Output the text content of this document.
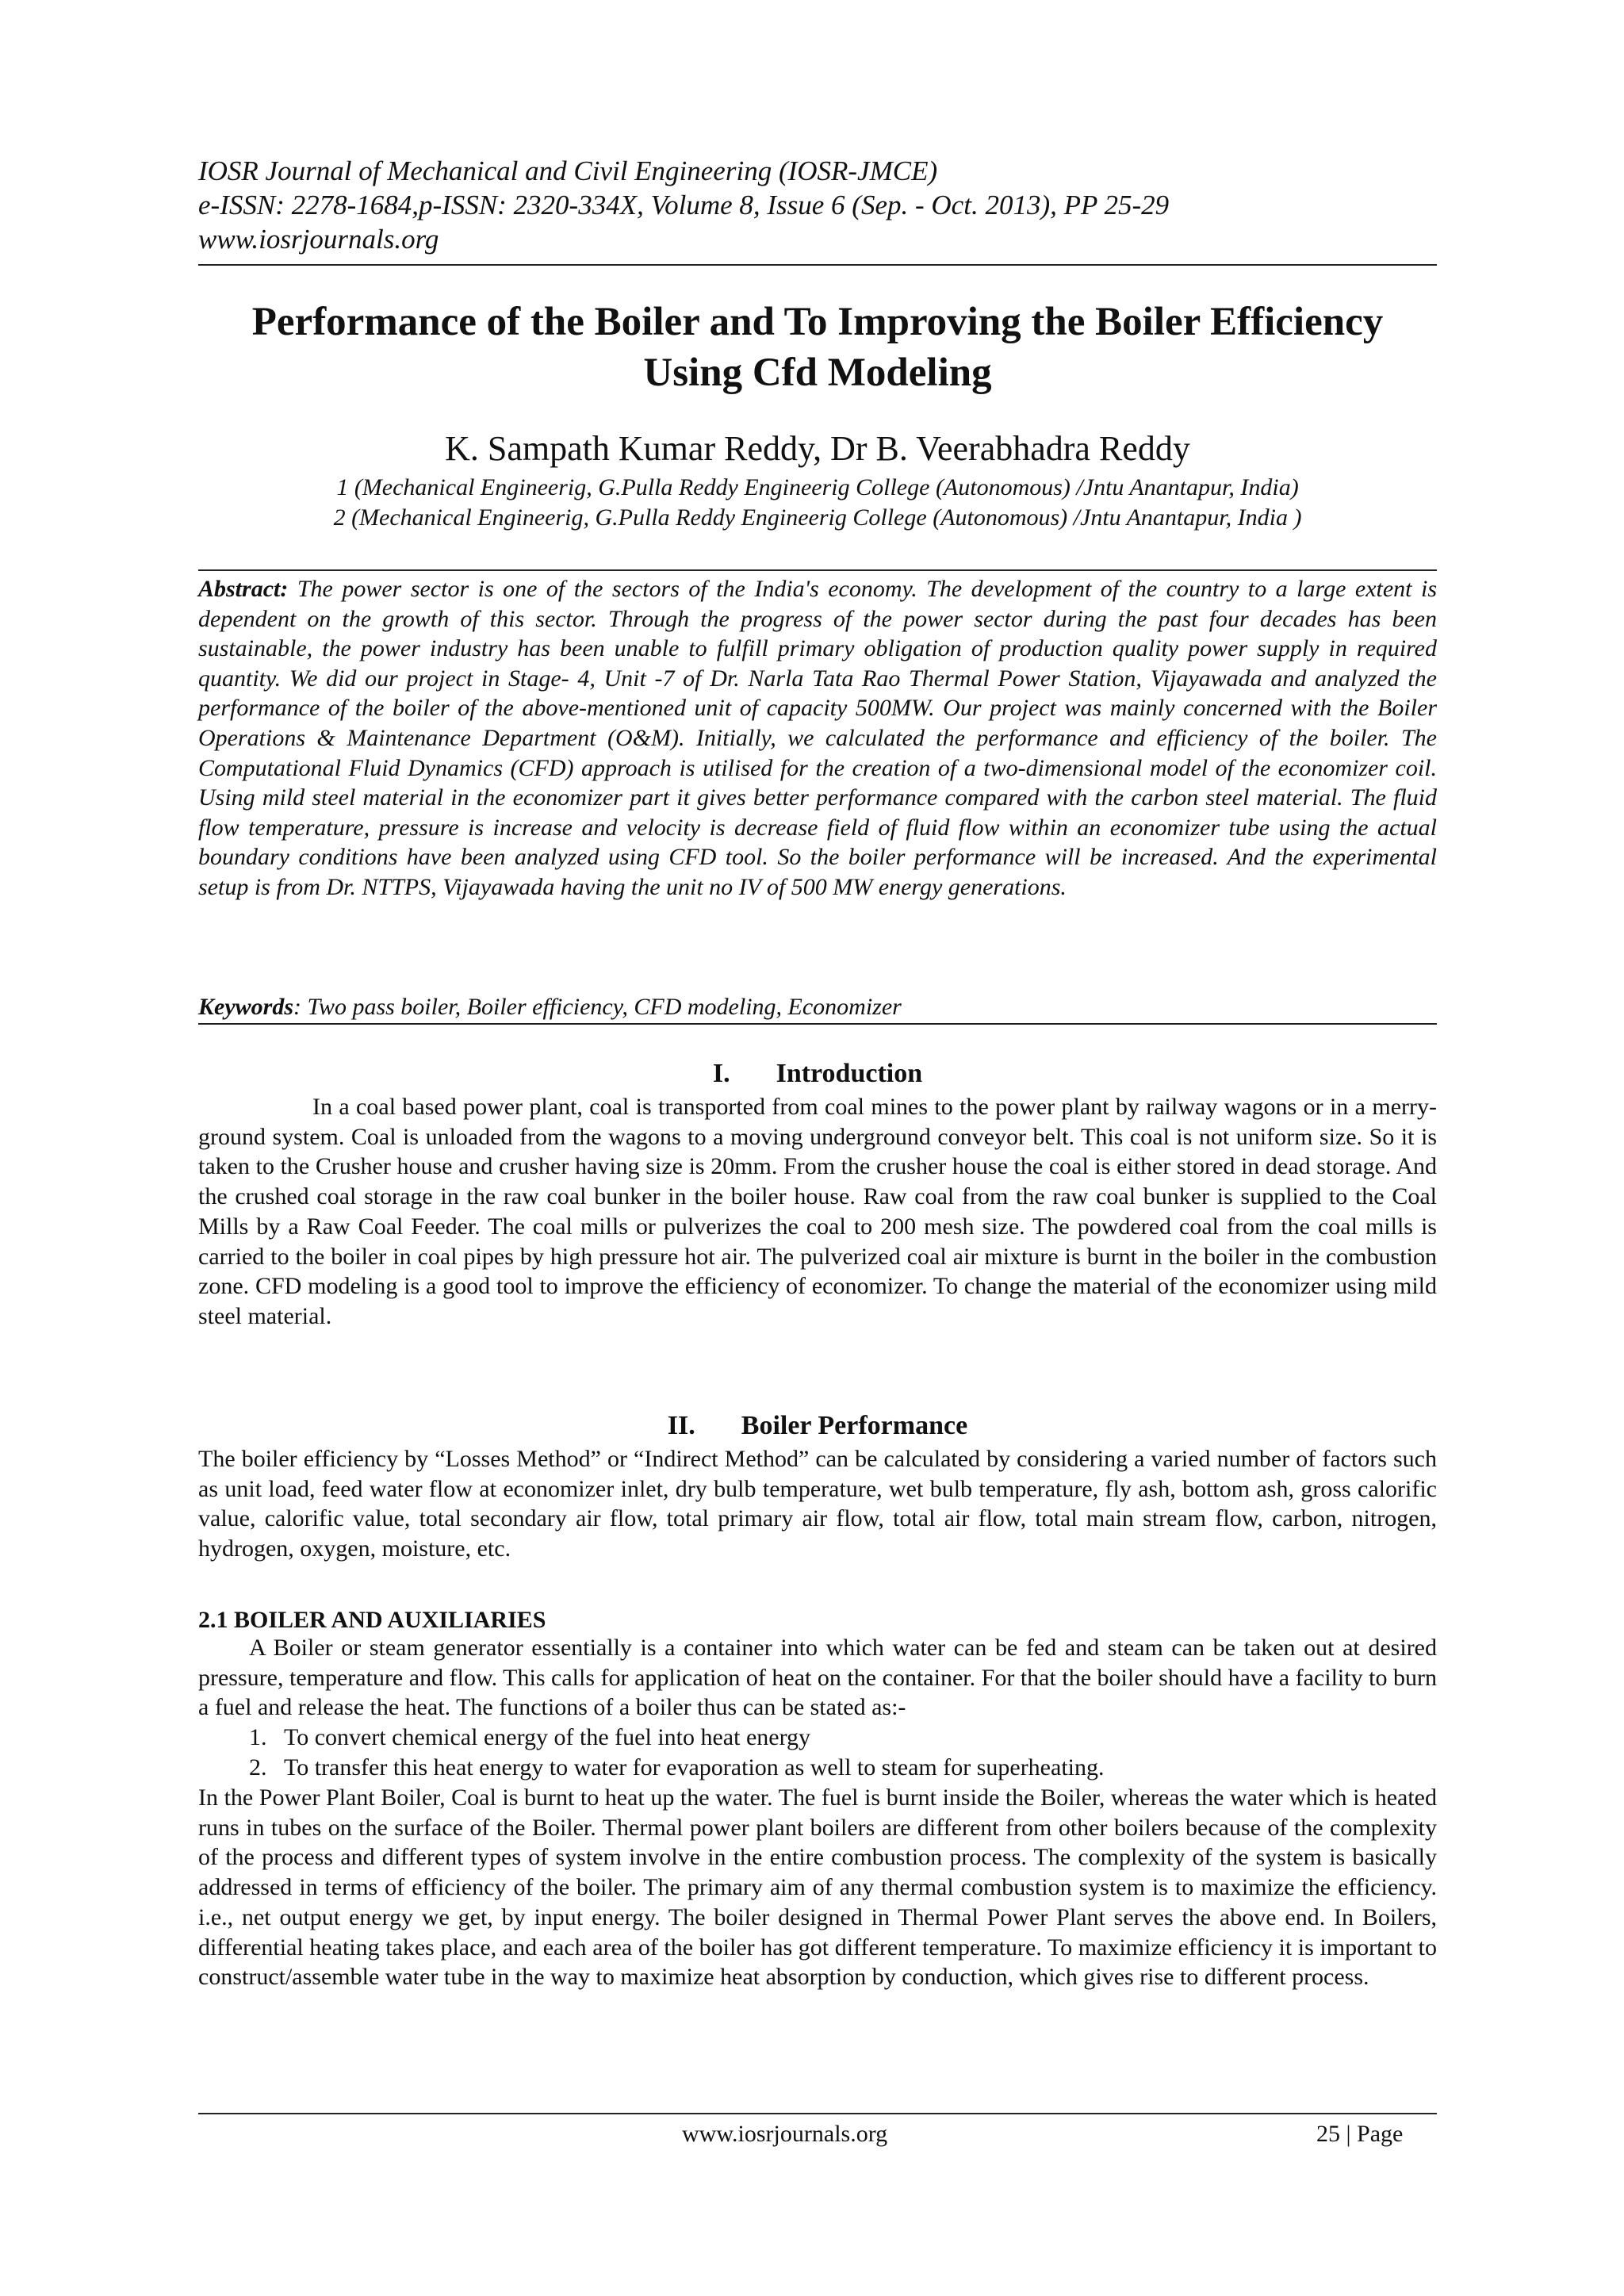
IOSR Journal of Mechanical and Civil Engineering (IOSR-JMCE)
e-ISSN: 2278-1684,p-ISSN: 2320-334X, Volume 8, Issue 6 (Sep. - Oct. 2013), PP 25-29
www.iosrjournals.org
Performance of the Boiler and To Improving the Boiler Efficiency
Using Cfd Modeling
K. Sampath Kumar Reddy, Dr B. Veerabhadra Reddy
1 (Mechanical Engineerig, G.Pulla Reddy Engineerig College (Autonomous) /Jntu Anantapur, India)
2 (Mechanical Engineerig, G.Pulla Reddy Engineerig College (Autonomous) /Jntu Anantapur, India )
Abstract: The power sector is one of the sectors of the India's economy. The development of the country to a large extent is dependent on the growth of this sector. Through the progress of the power sector during the past four decades has been sustainable, the power industry has been unable to fulfill primary obligation of production quality power supply in required quantity. We did our project in Stage- 4, Unit -7 of Dr. Narla Tata Rao Thermal Power Station, Vijayawada and analyzed the performance of the boiler of the above-mentioned unit of capacity 500MW. Our project was mainly concerned with the Boiler Operations & Maintenance Department (O&M). Initially, we calculated the performance and efficiency of the boiler. The Computational Fluid Dynamics (CFD) approach is utilised for the creation of a two-dimensional model of the economizer coil. Using mild steel material in the economizer part it gives better performance compared with the carbon steel material. The fluid flow temperature, pressure is increase and velocity is decrease field of fluid flow within an economizer tube using the actual boundary conditions have been analyzed using CFD tool. So the boiler performance will be increased. And the experimental setup is from Dr. NTTPS, Vijayawada having the unit no IV of 500 MW energy generations.
Keywords: Two pass boiler, Boiler efficiency, CFD modeling, Economizer
I. Introduction

In a coal based power plant, coal is transported from coal mines to the power plant by railway wagons or in a merry-ground system. Coal is unloaded from the wagons to a moving underground conveyor belt. This coal is not uniform size. So it is taken to the Crusher house and crusher having size is 20mm. From the crusher house the coal is either stored in dead storage. And the crushed coal storage in the raw coal bunker in the boiler house. Raw coal from the raw coal bunker is supplied to the Coal Mills by a Raw Coal Feeder. The coal mills or pulverizes the coal to 200 mesh size. The powdered coal from the coal mills is carried to the boiler in coal pipes by high pressure hot air. The pulverized coal air mixture is burnt in the boiler in the combustion zone. CFD modeling is a good tool to improve the efficiency of economizer. To change the material of the economizer using mild steel material.

II. Boiler Performance

The boiler efficiency by “Losses Method” or “Indirect Method” can be calculated by considering a varied number of factors such as unit load, feed water flow at economizer inlet, dry bulb temperature, wet bulb temperature, fly ash, bottom ash, gross calorific value, calorific value, total secondary air flow, total primary air flow, total air flow, total main stream flow, carbon, nitrogen, hydrogen, oxygen, moisture, etc.

2.1 BOILER AND AUXILIARIES

A Boiler or steam generator essentially is a container into which water can be fed and steam can be taken out at desired pressure, temperature and flow. This calls for application of heat on the container. For that the boiler should have a facility to burn a fuel and release the heat. The functions of a boiler thus can be stated as:-

1. To convert chemical energy of the fuel into heat energy
2. To transfer this heat energy to water for evaporation as well to steam for superheating.

In the Power Plant Boiler, Coal is burnt to heat up the water. The fuel is burnt inside the Boiler, whereas the water which is heated runs in tubes on the surface of the Boiler. Thermal power plant boilers are different from other boilers because of the complexity of the process and different types of system involve in the entire combustion process. The complexity of the system is basically addressed in terms of efficiency of the boiler. The primary aim of any thermal combustion system is to maximize the efficiency. i.e., net output energy we get, by input energy. The boiler designed in Thermal Power Plant serves the above end. In Boilers, differential heating takes place, and each area of the boiler has got different temperature. To maximize efficiency it is important to construct/assemble water tube in the way to maximize heat absorption by conduction, which gives rise to different process.

www.iosrjournals.org	25 | Page
